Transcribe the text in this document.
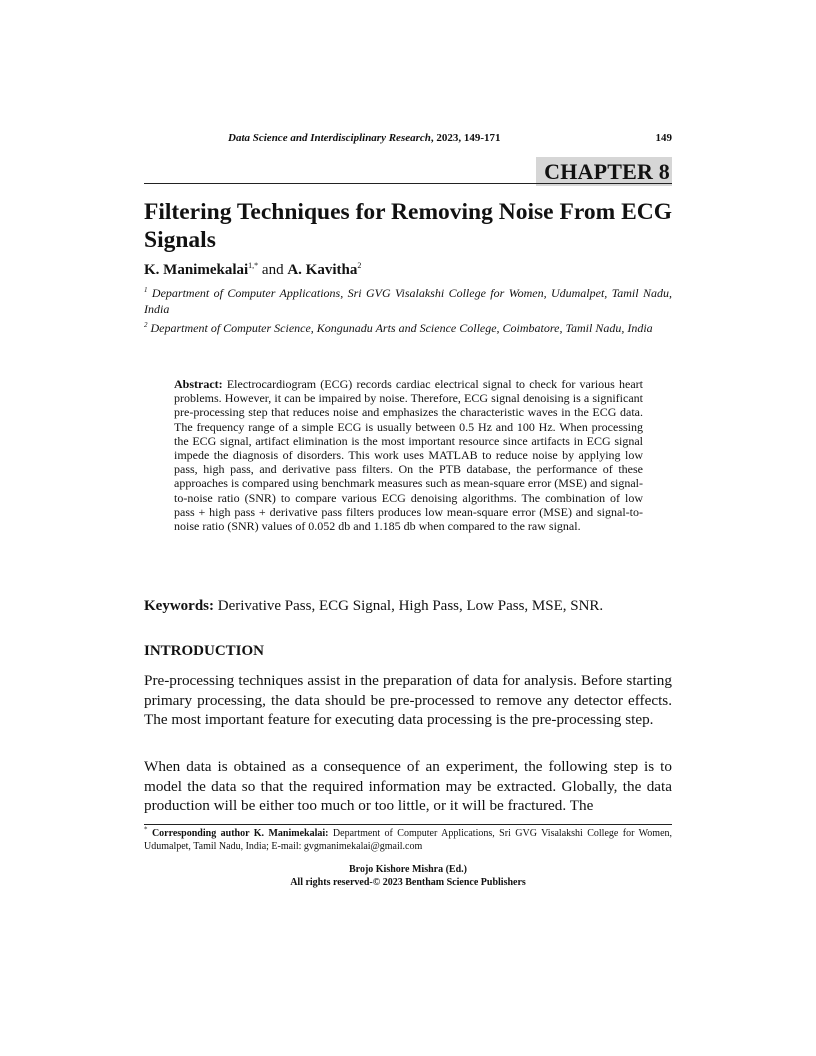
Data Science and Interdisciplinary Research, 2023, 149-171	149
CHAPTER 8
Filtering Techniques for Removing Noise From ECG Signals
K. Manimekalai$^{1,*}$ and A. Kavitha$^2$
$^1$ Department of Computer Applications, Sri GVG Visalakshi College for Women, Udumalpet, Tamil Nadu, India
$^2$ Department of Computer Science, Kongunadu Arts and Science College, Coimbatore, Tamil Nadu, India
Abstract: Electrocardiogram (ECG) records cardiac electrical signal to check for various heart problems. However, it can be impaired by noise. Therefore, ECG signal denoising is a significant pre-processing step that reduces noise and emphasizes the characteristic waves in the ECG data. The frequency range of a simple ECG is usually between 0.5 Hz and 100 Hz. When processing the ECG signal, artifact elimination is the most important resource since artifacts in ECG signal impede the diagnosis of disorders. This work uses MATLAB to reduce noise by applying low pass, high pass, and derivative pass filters. On the PTB database, the performance of these approaches is compared using benchmark measures such as mean-square error (MSE) and signal-to-noise ratio (SNR) to compare various ECG denoising algorithms. The combination of low pass + high pass + derivative pass filters produces low mean-square error (MSE) and signal-to-noise ratio (SNR) values of 0.052 db and 1.185 db when compared to the raw signal.
Keywords: Derivative Pass, ECG Signal, High Pass, Low Pass, MSE, SNR.
INTRODUCTION

Pre-processing techniques assist in the preparation of data for analysis. Before starting primary processing, the data should be pre-processed to remove any detector effects. The most important feature for executing data processing is the pre-processing step.

When data is obtained as a consequence of an experiment, the following step is to model the data so that the required information may be extracted. Globally, the data production will be either too much or too little, or it will be fractured. The

* Corresponding author K. Manimekalai: Department of Computer Applications, Sri GVG Visalakshi College for Women, Udumalpet, Tamil Nadu, India; E-mail: gvgmanimekalai@gmail.com
Brojo Kishore Mishra (Ed.)
All rights reserved-© 2023 Bentham Science Publishers
